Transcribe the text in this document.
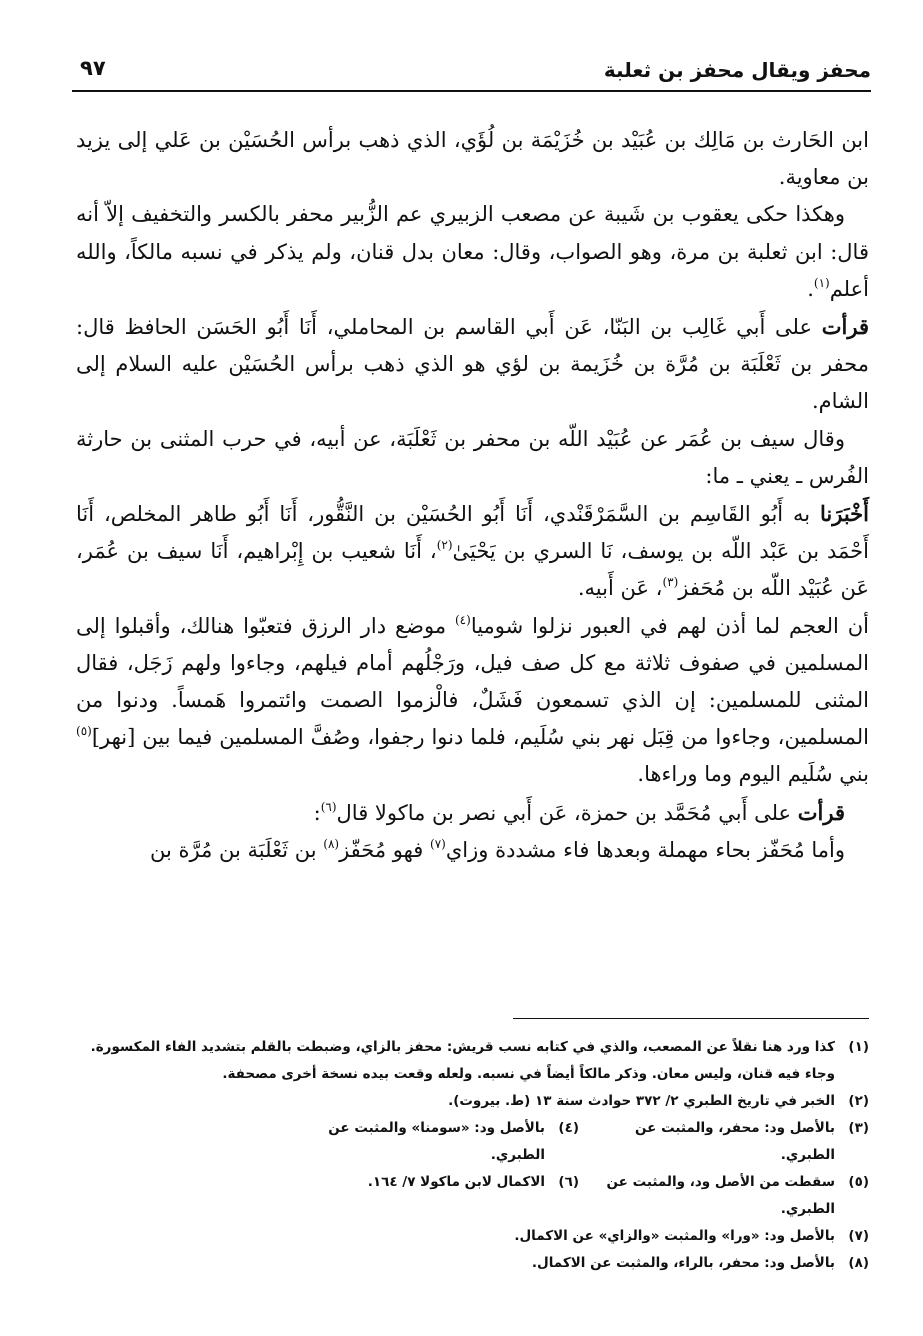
محفز ويقال محفز بن ثعلبة
٩٧

ابن الحَارث بن مَالِك بن عُبَيْد بن خُزَيْمَة بن لُؤَي، الذي ذهب برأس الحُسَيْن بن عَلي إلى يزيد بن معاوية.

وهكذا حكى يعقوب بن شَيبة عن مصعب الزبيري عم الزُّبير محفر بالكسر والتخفيف إلاّ أنه قال: ابن ثعلبة بن مرة، وهو الصواب، وقال: معان بدل قنان، ولم يذكر في نسبه مالكاً، والله أعلم$^{(١)}$.

قرأت على أَبي غَالِب بن البَنّا، عَن أَبي القاسم بن المحاملي، أَنَا أَبُو الحَسَن الحافظ قال: محفر بن ثَعْلَبَة بن مُرَّة بن خُزَيمة بن لؤي هو الذي ذهب برأس الحُسَيْن عليه السلام إلى الشام.

وقال سيف بن عُمَر عن عُبَيْد اللّه بن محفر بن ثَعْلَبَة، عن أبيه، في حرب المثنى بن حارثة الفُرس ـ يعني ـ ما:

أَخْبَرَنا به أَبُو القَاسِم بن السَّمَرْقَنْدي، أَنَا أَبُو الحُسَيْن بن النَّقُّور، أَنَا أَبُو طاهر المخلص، أَنَا أَحْمَد بن عَبْد اللّه بن يوسف، نَا السري بن يَحْيَىٰ$^{(٢)}$، أَنَا شعيب بن إِبْراهيم، أَنَا سيف بن عُمَر، عَن عُبَيْد اللّه بن مُحَفز$^{(٣)}$، عَن أَبيه.

أن العجم لما أذن لهم في العبور نزلوا شوميا$^{(٤)}$ موضع دار الرزق فتعبّوا هنالك، وأقبلوا إلى المسلمين في صفوف ثلاثة مع كل صف فيل، ورَجْلُهم أمام فيلهم، وجاءوا ولهم زَجَل، فقال المثنى للمسلمين: إن الذي تسمعون فَشَلٌ، فالْزموا الصمت وائتمروا هَمساً. ودنوا من المسلمين، وجاءوا من قِبَل نهر بني سُلَيم، فلما دنوا رجفوا، وصُفَّ المسلمين فيما بين [نهر]$^{(٥)}$ بني سُلَيم اليوم وما وراءها.

قرأت على أَبي مُحَمَّد بن حمزة، عَن أَبي نصر بن ماكولا قال$^{(٦)}$:

وأما مُحَفّز بحاء مهملة وبعدها فاء مشددة وزاي$^{(٧)}$ فهو مُحَفّز$^{(٨)}$ بن ثَعْلَبَة بن مُرَّة بن

(١)
كذا ورد هنا نقلاً عن المصعب، والذي في كتابه نسب قريش: محفز بالزاي، وضبطت بالقلم بتشديد الفاء المكسورة. وجاء فيه قنان، وليس معان. وذكر مالكاً أيضاً في نسبه. ولعله وقعت بيده نسخة أخرى مصحفة.
(٢)
الخبر في تاريخ الطبري ٢/ ٣٧٢ حوادث سنة ١٣ (ط. بيروت).
(٣)
بالأصل ود: محفر، والمثبت عن الطبري.
(٤)
بالأصل ود: «سومنا» والمثبت عن الطبري.
(٥)
سقطت من الأصل ود، والمثبت عن الطبري.
(٦)
الاكمال لابن ماكولا ٧/ ١٦٤.
(٧)
بالأصل ود: «ورا» والمثبت «والزاي» عن الاكمال.
(٨)
بالأصل ود: محفر، بالراء، والمثبت عن الاكمال.
